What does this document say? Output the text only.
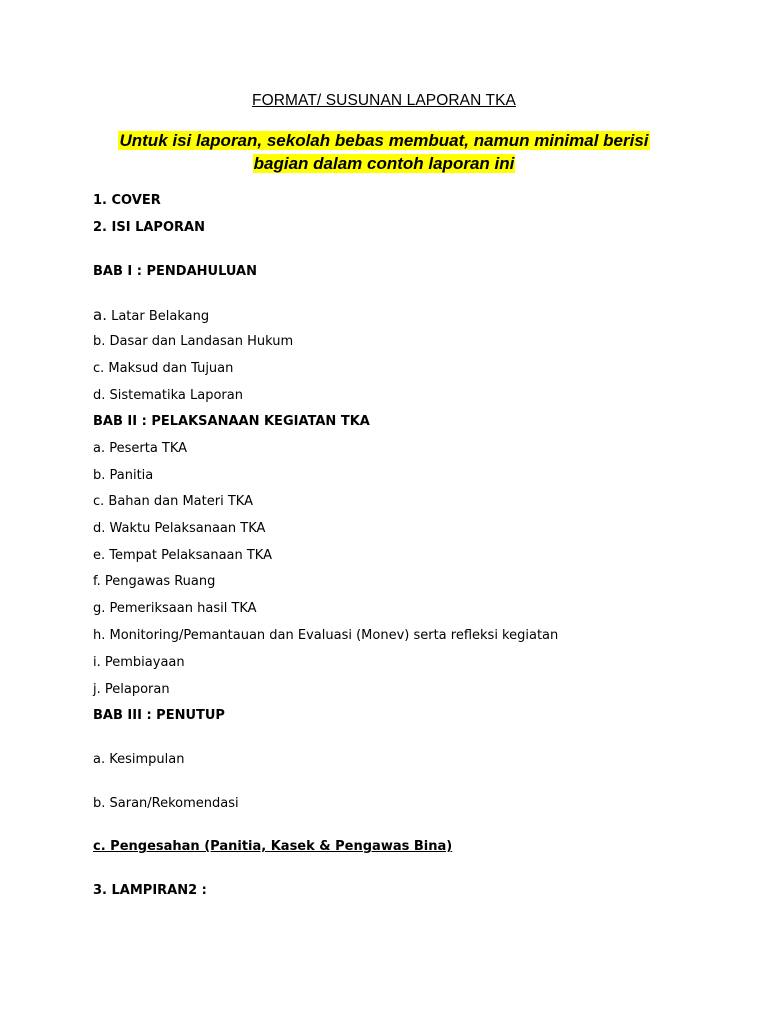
FORMAT/ SUSUNAN LAPORAN TKA
Untuk isi laporan, sekolah bebas membuat, namun minimal berisi
bagian dalam contoh laporan ini
1. COVER
2. ISI LAPORAN
BAB I : PENDAHULUAN
a. Latar Belakang
b. Dasar dan Landasan Hukum
c. Maksud dan Tujuan
d. Sistematika Laporan
BAB II : PELAKSANAAN KEGIATAN TKA
a. Peserta TKA
b. Panitia
c. Bahan dan Materi TKA
d. Waktu Pelaksanaan TKA
e. Tempat Pelaksanaan TKA
f. Pengawas Ruang
g. Pemeriksaan hasil TKA
h. Monitoring/Pemantauan dan Evaluasi (Monev) serta refleksi kegiatan
i. Pembiayaan
j. Pelaporan
BAB III : PENUTUP
a. Kesimpulan
b. Saran/Rekomendasi
c. Pengesahan (Panitia, Kasek & Pengawas Bina)
3. LAMPIRAN2 :
